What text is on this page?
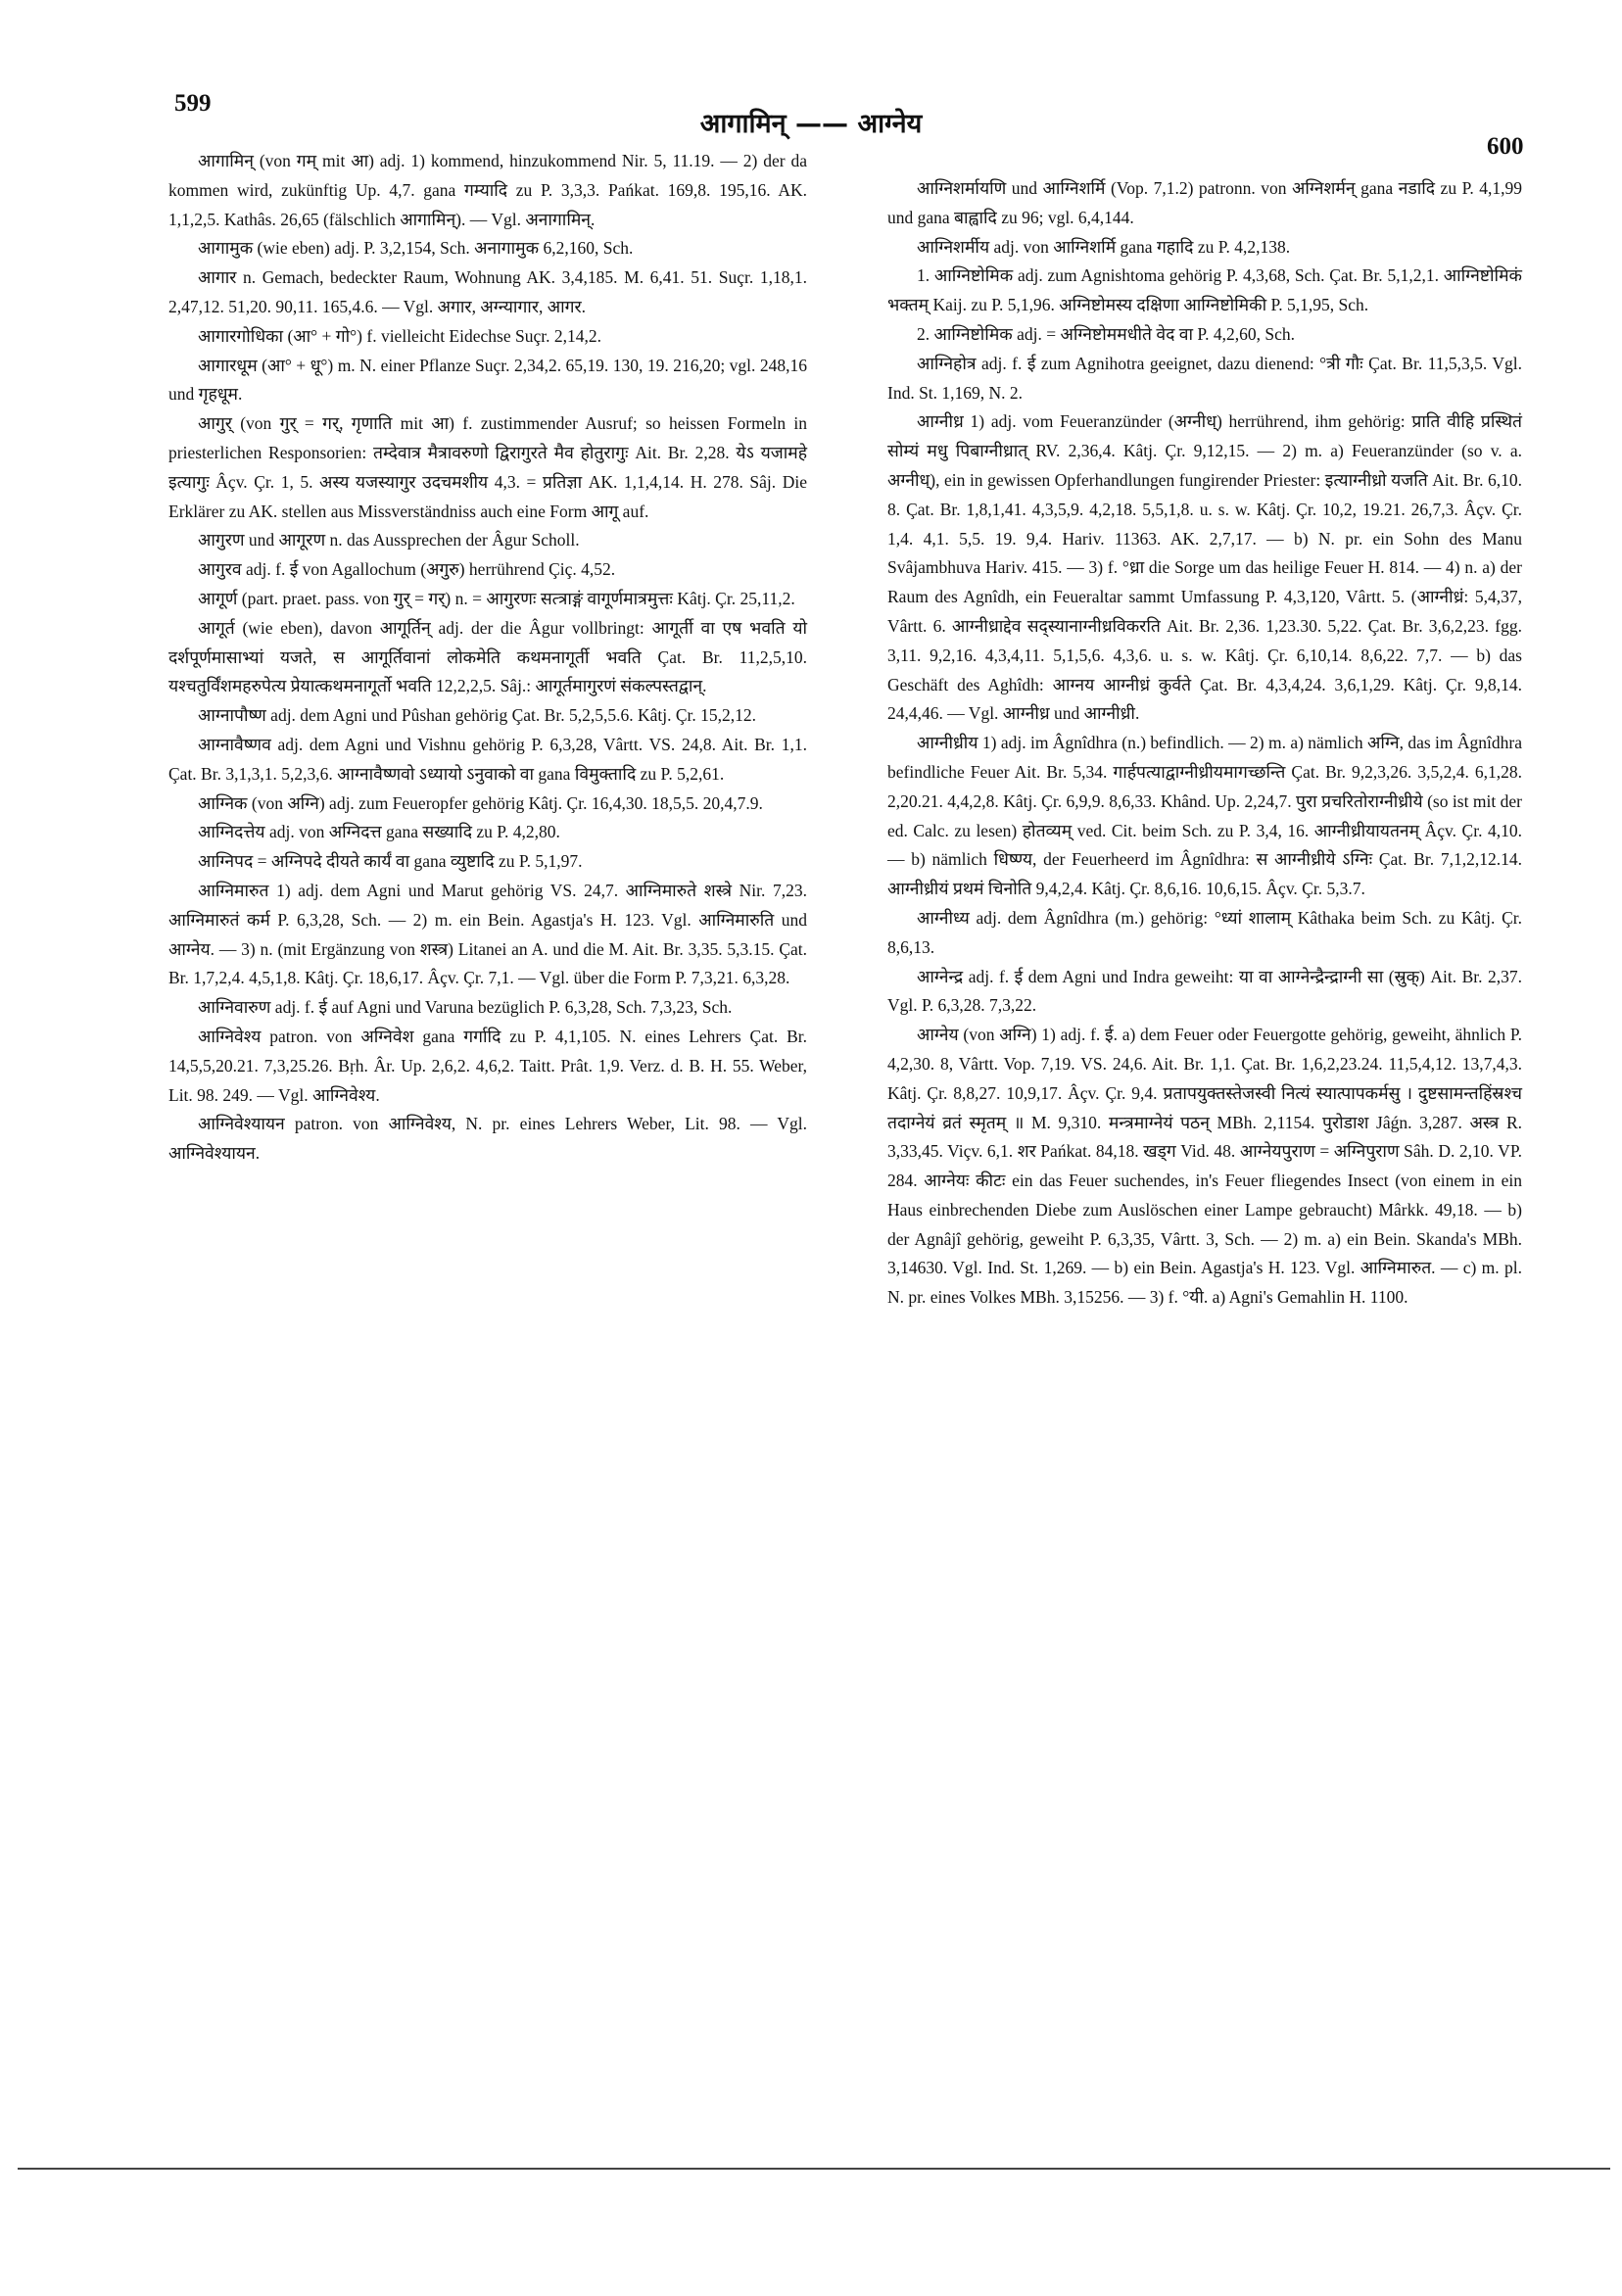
599
600
आगामिन् —— आग्नेय
आगामिन् (von गम् mit आ) adj. 1) kommend, hinzukommend Nir. 5, 11.19. — 2) der da kommen wird, zukünftig Up. 4,7. gana गम्यादि zu P. 3,3,3. Pańkat. 169,8. 195,16. AK. 1,1,2,5. Kathâs. 26,65 (fälschlich आगामिन्). — Vgl. अनागामिन्.
आगामुक (wie eben) adj. P. 3,2,154, Sch. अनागामुक 6,2,160, Sch.
आगार n. Gemach, bedeckter Raum, Wohnung AK. 3,4,185. M. 6,41. 51. Suçr. 1,18,1. 2,47,12. 51,20. 90,11. 165,4.6. — Vgl. अगार, अग्न्यागार, आगर.
आगारगोधिका (आ° + गो°) f. vielleicht Eidechse Suçr. 2,14,2.
आगारधूम (आ° + धू°) m. N. einer Pflanze Suçr. 2,34,2. 65,19. 130, 19. 216,20; vgl. 248,16 und गृहधूम.
आगुर् (von गुर् = गर्, गृणाति mit आ) f. zustimmender Ausruf; so heissen Formeln in priesterlichen Responsorien: तम्देवात्र मैत्रावरुणो द्विरागुरते मैव होतुरागुः Ait. Br. 2,28. येऽ यजामहे इत्यागुः Âçv. Çr. 1, 5. अस्य यजस्यागुर उदचमशीय 4,3. = प्रतिज्ञा AK. 1,1,4,14. H. 278. Sâj. Die Erklärer zu AK. stellen aus Missverständniss auch eine Form आगू auf.
आगुरण und आगूरण n. das Aussprechen der Âgur Scholl.
आगुरव adj. f. ई von Agallochum (अगुरु) herrührend Çiç. 4,52.
आगूर्ण (part. praet. pass. von गुर् = गर्) n. = आगुरणः सत्त्राङ्गं वागूर्णमात्रमुत्तः Kâtj. Çr. 25,11,2.
आगूर्त (wie eben), davon आगूर्तिन् adj. der die Âgur vollbringt: आगूर्ती वा एष भवति यो दर्शपूर्णमासाभ्यां यजते, स आगूर्तिवानां लोकमेति कथमनागूर्ती भवति Çat. Br. 11,2,5,10. यश्चतुर्विंशमहरुपेत्य प्रेयात्कथमनागूर्तो भवति 12,2,2,5. Sâj.: आगूर्तमागुरणं संकल्पस्तद्वान्.
आग्नापौष्ण adj. dem Agni und Pûshan gehörig Çat. Br. 5,2,5,5.6. Kâtj. Çr. 15,2,12.
आग्नावैष्णव adj. dem Agni und Vishnu gehörig P. 6,3,28, Vârtt. VS. 24,8. Ait. Br. 1,1. Çat. Br. 3,1,3,1. 5,2,3,6. आग्नावैष्णवो ऽध्यायो ऽनुवाको वा gana विमुक्तादि zu P. 5,2,61.
आग्निक (von अग्नि) adj. zum Feueropfer gehörig Kâtj. Çr. 16,4,30. 18,5,5. 20,4,7.9.
आग्निदत्तेय adj. von अग्निदत्त gana सख्यादि zu P. 4,2,80.
आग्निपद = अग्निपदे दीयते कार्यं वा gana व्युष्टादि zu P. 5,1,97.
आग्निमारुत 1) adj. dem Agni und Marut gehörig VS. 24,7. आग्निमारुते शस्त्रे Nir. 7,23. आग्निमारुतं कर्म P. 6,3,28, Sch. — 2) m. ein Bein. Agastja's H. 123. Vgl. आग्निमारुति und आग्नेय. — 3) n. (mit Ergänzung von शस्त्र) Litanei an A. und die M. Ait. Br. 3,35. 5,3.15. Çat. Br. 1,7,2,4. 4,5,1,8. Kâtj. Çr. 18,6,17. Âçv. Çr. 7,1. — Vgl. über die Form P. 7,3,21. 6,3,28.
आग्निवारुण adj. f. ई auf Agni und Varuna bezüglich P. 6,3,28, Sch. 7,3,23, Sch.
आग्निवेश्य patron. von अग्निवेश gana गर्गादि zu P. 4,1,105. N. eines Lehrers Çat. Br. 14,5,5,20.21. 7,3,25.26. Bṛh. Âr. Up. 2,6,2. 4,6,2. Taitt. Prât. 1,9. Verz. d. B. H. 55. Weber, Lit. 98. 249. — Vgl. आग्निवेश्य.
आग्निवेश्यायन patron. von आग्निवेश्य, N. pr. eines Lehrers Weber, Lit. 98. — Vgl. आग्निवेश्यायन.
आग्निशर्मायणि und आग्निशर्मि (Vop. 7,1.2) patronn. von अग्निशर्मन् gana नडादि zu P. 4,1,99 und gana बाह्वादि zu 96; vgl. 6,4,144.
आग्निशर्मीय adj. von आग्निशर्मि gana गहादि zu P. 4,2,138.
1. आग्निष्टोमिक adj. zum Agnishtoma gehörig P. 4,3,68, Sch. Çat. Br. 5,1,2,1. आग्निष्टोमिकं भक्तम् Kaij. zu P. 5,1,96. अग्निष्टोमस्य दक्षिणा आग्निष्टोमिकी P. 5,1,95, Sch.
2. आग्निष्टोमिक adj. = अग्निष्टोममधीते वेद वा P. 4,2,60, Sch.
आग्निहोत्र adj. f. ई zum Agnihotra geeignet, dazu dienend: °त्री गौः Çat. Br. 11,5,3,5. Vgl. Ind. St. 1,169, N. 2.
आग्नीध्र 1) adj. vom Feueranzünder (अग्नीध्) herrührend, ihm gehörig: प्राति वीहि प्रस्थितं सोम्यं मधु पिबाग्नीध्रात् RV. 2,36,4. Kâtj. Çr. 9,12,15. — 2) m. a) Feueranzünder (so v. a. अग्नीध्), ein in gewissen Opferhandlungen fungirender Priester: इत्याग्नीध्रो यजति Ait. Br. 6,10. 8. Çat. Br. 1,8,1,41. 4,3,5,9. 4,2,18. 5,5,1,8. u. s. w. Kâtj. Çr. 10,2, 19.21. 26,7,3. Âçv. Çr. 1,4. 4,1. 5,5. 19. 9,4. Hariv. 11363. AK. 2,7,17. — b) N. pr. ein Sohn des Manu Svâjambhuva Hariv. 415. — 3) f. °ध्रा die Sorge um das heilige Feuer H. 814. — 4) n. a) der Raum des Agnîdh, ein Feueraltar sammt Umfassung P. 4,3,120, Vârtt. 5. (आग्नीध्रं: 5,4,37, Vârtt. 6. आग्नीध्राद्देव सद्स्यानाग्नीध्रविकरति Ait. Br. 2,36. 1,23.30. 5,22. Çat. Br. 3,6,2,23. fgg. 3,11. 9,2,16. 4,3,4,11. 5,1,5,6. 4,3,6. u. s. w. Kâtj. Çr. 6,10,14. 8,6,22. 7,7. — b) das Geschäft des Aghîdh: आग्नय आग्नीध्रं कुर्वते Çat. Br. 4,3,4,24. 3,6,1,29. Kâtj. Çr. 9,8,14. 24,4,46. — Vgl. आग्नीध्र und आग्नीध्री.
आग्नीध्रीय 1) adj. im Âgnîdhra (n.) befindlich. — 2) m. a) nämlich अग्नि, das im Âgnîdhra befindliche Feuer Ait. Br. 5,34. गार्हपत्याद्वाग्नीध्रीयमागच्छन्ति Çat. Br. 9,2,3,26. 3,5,2,4. 6,1,28. 2,20.21. 4,4,2,8. Kâtj. Çr. 6,9,9. 8,6,33. Khând. Up. 2,24,7. पुरा प्रचरितोराग्नीध्रीये (so ist mit der ed. Calc. zu lesen) होतव्यम् ved. Cit. beim Sch. zu P. 3,4, 16. आग्नीध्रीयायतनम् Âçv. Çr. 4,10. — b) nämlich धिष्ण्य, der Feuerheerd im Âgnîdhra: स आग्नीध्रीये ऽग्निः Çat. Br. 7,1,2,12.14. आग्नीध्रीयं प्रथमं चिनोति 9,4,2,4. Kâtj. Çr. 8,6,16. 10,6,15. Âçv. Çr. 5,3.7.
आग्नीध्य adj. dem Âgnîdhra (m.) gehörig: °ध्यां शालाम् Kâthaka beim Sch. zu Kâtj. Çr. 8,6,13.
आग्नेन्द्र adj. f. ई dem Agni und Indra geweiht: या वा आग्नेन्द्रैन्द्राग्नी सा (स्रुक्) Ait. Br. 2,37. Vgl. P. 6,3,28. 7,3,22.
आग्नेय (von अग्नि) 1) adj. f. ई. a) dem Feuer oder Feuergotte gehörig, geweiht, ähnlich P. 4,2,30. 8, Vârtt. Vop. 7,19. VS. 24,6. Ait. Br. 1,1. Çat. Br. 1,6,2,23.24. 11,5,4,12. 13,7,4,3. Kâtj. Çr. 8,8,27. 10,9,17. Âçv. Çr. 9,4. प्रतापयुक्तस्तेजस्वी नित्यं स्यात्पापकर्मसु । दुष्टसामन्तहिंस्रश्च तदाग्नेयं व्रतं स्मृतम् ॥ M. 9,310. मन्त्रमाग्नेयं पठन् MBh. 2,1154. पुरोडाश Jâǵn. 3,287. अस्त्र R. 3,33,45. Viçv. 6,1. शर Pańkat. 84,18. खड्ग Vid. 48. आग्नेयपुराण = अग्निपुराण Sâh. D. 2,10. VP. 284. आग्नेयः कीटः ein das Feuer suchendes, in's Feuer fliegendes Insect (von einem in ein Haus einbrechenden Diebe zum Auslöschen einer Lampe gebraucht) Mârkk. 49,18. — b) der Agnâjî gehörig, geweiht P. 6,3,35, Vârtt. 3, Sch. — 2) m. a) ein Bein. Skanda's MBh. 3,14630. Vgl. Ind. St. 1,269. — b) ein Bein. Agastja's H. 123. Vgl. आग्निमारुत. — c) m. pl. N. pr. eines Volkes MBh. 3,15256. — 3) f. °यी. a) Agni's Gemahlin H. 1100.
